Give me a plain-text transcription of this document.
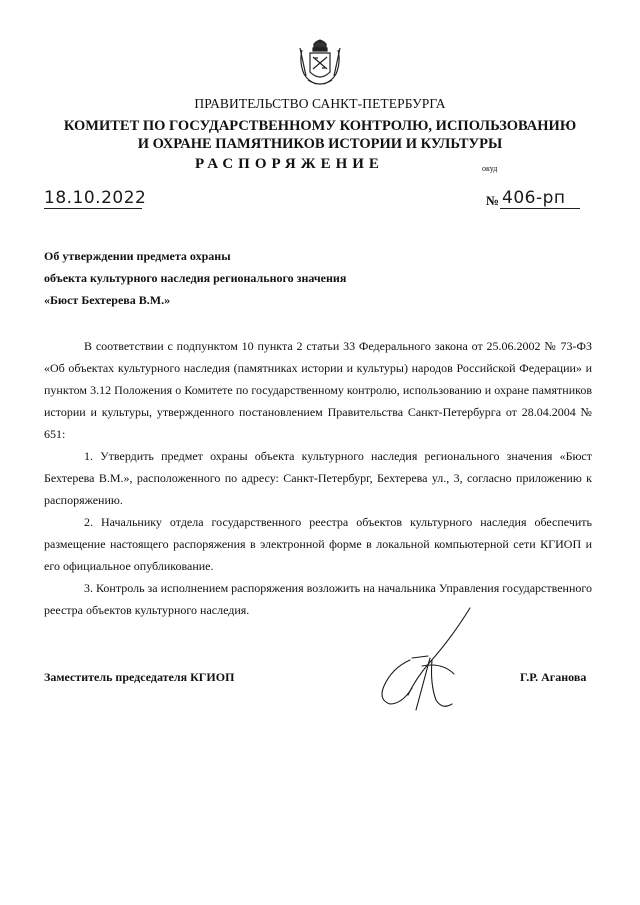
ПРАВИТЕЛЬСТВО САНКТ-ПЕТЕРБУРГА
КОМИТЕТ ПО ГОСУДАРСТВЕННОМУ КОНТРОЛЮ, ИСПОЛЬЗОВАНИЮ
И ОХРАНЕ ПАМЯТНИКОВ ИСТОРИИ И КУЛЬТУРЫ
РАСПОРЯЖЕНИЕ	окуд
18.10.2022	№ 406-рп
Об утверждении предмета охраны
объекта культурного наследия регионального значения
«Бюст Бехтерева В.М.»

В соответствии с подпунктом 10 пункта 2 статьи 33 Федерального закона от 25.06.2002 № 73-ФЗ «Об объектах культурного наследия (памятниках истории и культуры) народов Российской Федерации» и пунктом 3.12 Положения о Комитете по государственному контролю, использованию и охране памятников истории и культуры, утвержденного постановлением Правительства Санкт-Петербурга от 28.04.2004 № 651:

1. Утвердить предмет охраны объекта культурного наследия регионального значения «Бюст Бехтерева В.М.», расположенного по адресу: Санкт-Петербург, Бехтерева ул., 3, согласно приложению к распоряжению.

2. Начальнику отдела государственного реестра объектов культурного наследия обеспечить размещение настоящего распоряжения в электронной форме в локальной компьютерной сети КГИОП и его официальное опубликование.

3. Контроль за исполнением распоряжения возложить на начальника Управления государственного реестра объектов культурного наследия.

Заместитель председателя КГИОП	Г.Р. Аганова
